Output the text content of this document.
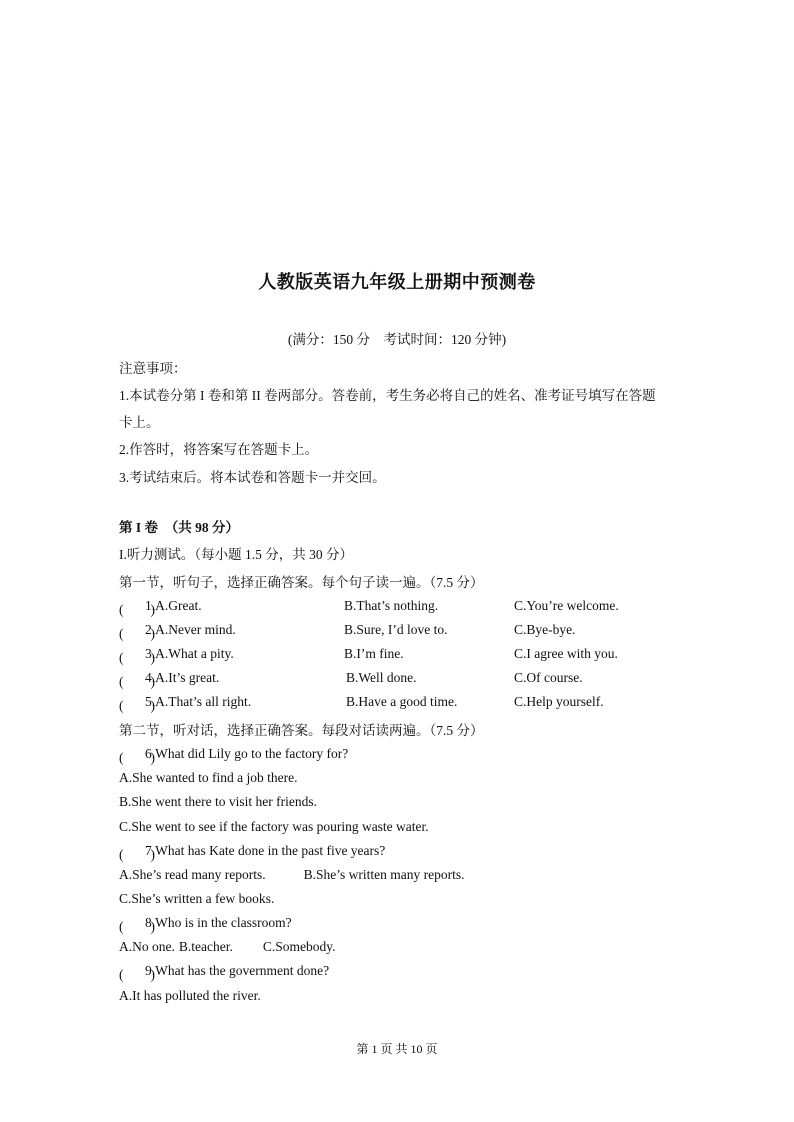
人教版英语九年级上册期中预测卷
(满分：150 分　考试时间：120 分钟)
注意事项：
1.本试卷分第 I 卷和第 II 卷两部分。答卷前，考生务必将自己的姓名、准考证号填写在答题
卡上。
2.作答时，将答案写在答题卡上。
3.考试结束后。将本试卷和答题卡一并交回。
第 I 卷　（共 98 分）
I.听力测试。（每小题 1.5 分，共 30 分）
第一节，听句子，选择正确答案。每个句子读一遍。（7.5 分）
(　　)
1.A.Great.	B.That’s nothing.	C.You’re welcome.
(　　)
2.A.Never mind.	B.Sure, I’d love to.	C.Bye-bye.
(　　)
3.A.What a pity.	B.I’m fine.	C.I agree with you.
(　　)
4.A.It’s great.	B.Well done.	C.Of course.
(　　)
5.A.That’s all right.	B.Have a good time.	C.Help yourself.
第二节，听对话，选择正确答案。每段对话读两遍。（7.5 分）
(　　)
6.What did Lily go to the factory for?
A.She wanted to find a job there.
B.She went there to visit her friends.
C.She went to see if the factory was pouring waste water.
(　　)
7.What has Kate done in the past five years?
A.She’s read many reports.	B.She’s written many reports.
C.She’s written a few books.
(　　)
8.Who is in the classroom?
A.No one. B.teacher. C.Somebody.
(　　)
9.What has the government done?
A.It has polluted the river.
第 1 页 共 10 页
